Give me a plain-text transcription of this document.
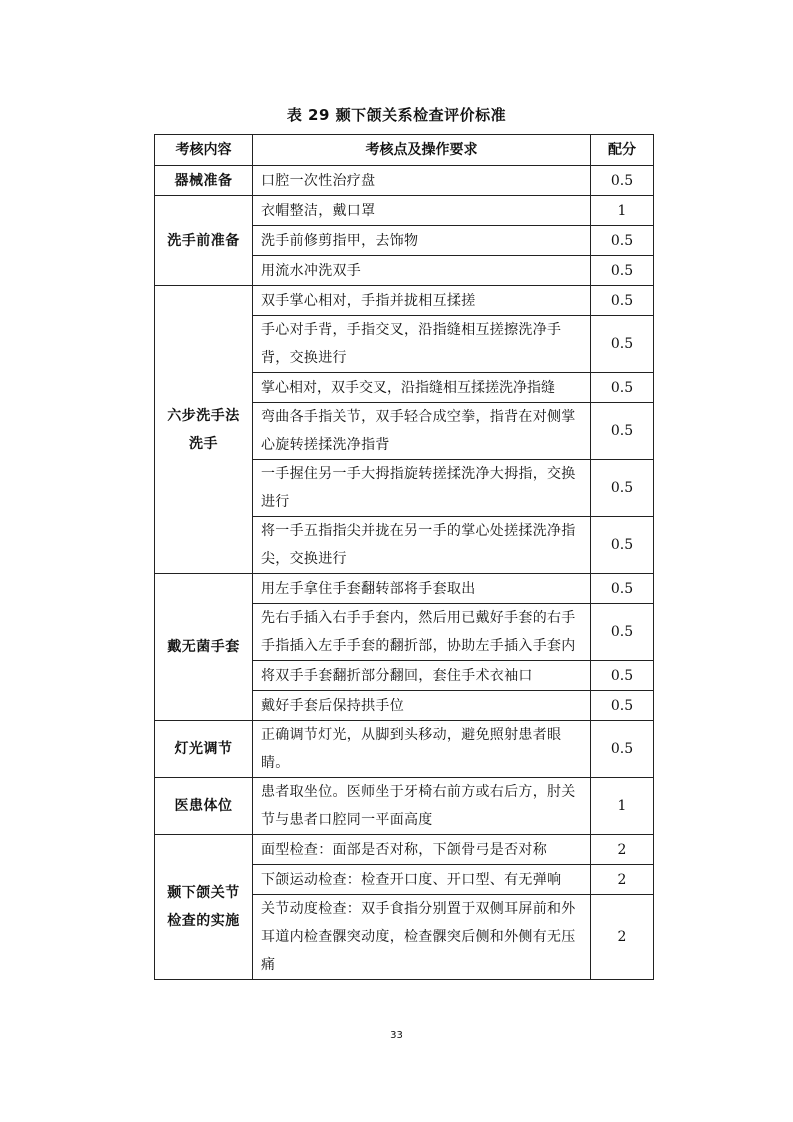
表 29 颞下颌关系检查评价标准
考核内容	考核点及操作要求	配分
器械准备	口腔一次性治疗盘	0.5
洗手前准备	衣帽整洁，戴口罩	1
	洗手前修剪指甲，去饰物	0.5
	用流水冲洗双手	0.5
六步洗手法
洗手	双手掌心相对，手指并拢相互揉搓	0.5
	手心对手背，手指交叉，沿指缝相互搓擦洗净手背，交换进行	0.5
	掌心相对，双手交叉，沿指缝相互揉搓洗净指缝	0.5
	弯曲各手指关节，双手轻合成空拳，指背在对侧掌心旋转搓揉洗净指背	0.5
	一手握住另一手大拇指旋转搓揉洗净大拇指，交换进行	0.5
	将一手五指指尖并拢在另一手的掌心处搓揉洗净指尖，交换进行	0.5
戴无菌手套	用左手拿住手套翻转部将手套取出	0.5
	先右手插入右手手套内，然后用已戴好手套的右手手指插入左手手套的翻折部，协助左手插入手套内	0.5
	将双手手套翻折部分翻回，套住手术衣袖口	0.5
	戴好手套后保持拱手位	0.5
灯光调节	正确调节灯光，从脚到头移动，避免照射患者眼睛。	0.5
医患体位	患者取坐位。医师坐于牙椅右前方或右后方，肘关节与患者口腔同一平面高度	1
颞下颌关节
检查的实施	面型检查：面部是否对称，下颌骨弓是否对称	2
	下颌运动检查：检查开口度、开口型、有无弹响	2
	关节动度检查：双手食指分别置于双侧耳屏前和外耳道内检查髁突动度，检查髁突后侧和外侧有无压痛	2
33
